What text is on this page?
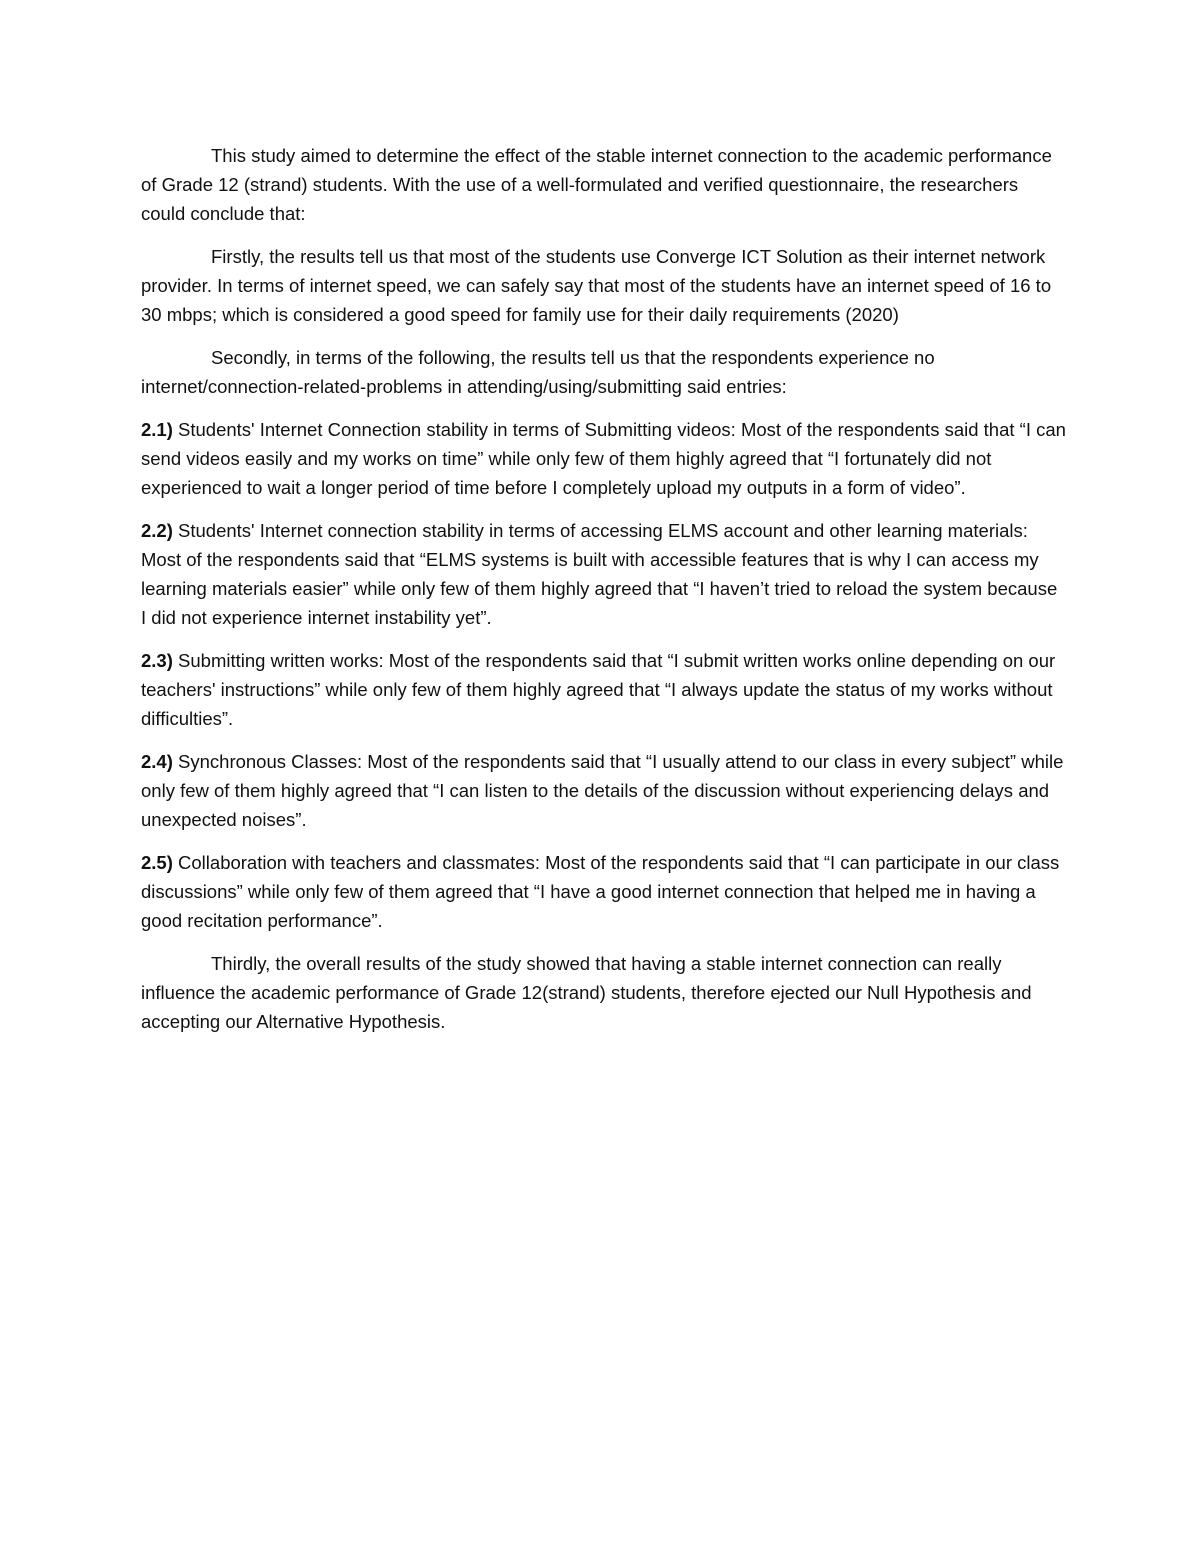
This study aimed to determine the effect of the stable internet connection to the academic performance of Grade 12 (strand) students. With the use of a well-formulated and verified questionnaire, the researchers could conclude that:

Firstly, the results tell us that most of the students use Converge ICT Solution as their internet network provider. In terms of internet speed, we can safely say that most of the students have an internet speed of 16 to 30 mbps; which is considered a good speed for family use for their daily requirements (2020)

Secondly, in terms of the following, the results tell us that the respondents experience no internet/connection-related-problems in attending/using/submitting said entries:

2.1) Students' Internet Connection stability in terms of Submitting videos: Most of the respondents said that “I can send videos easily and my works on time” while only few of them highly agreed that “I fortunately did not experienced to wait a longer period of time before I completely upload my outputs in a form of video”.

2.2) Students' Internet connection stability in terms of accessing ELMS account and other learning materials: Most of the respondents said that “ELMS systems is built with accessible features that is why I can access my learning materials easier” while only few of them highly agreed that “I haven’t tried to reload the system because I did not experience internet instability yet”.

2.3) Submitting written works: Most of the respondents said that “I submit written works online depending on our teachers' instructions” while only few of them highly agreed that “I always update the status of my works without difficulties”.

2.4) Synchronous Classes: Most of the respondents said that “I usually attend to our class in every subject” while only few of them highly agreed that “I can listen to the details of the discussion without experiencing delays and unexpected noises”.

2.5) Collaboration with teachers and classmates: Most of the respondents said that “I can participate in our class discussions” while only few of them agreed that “I have a good internet connection that helped me in having a good recitation performance”.

Thirdly, the overall results of the study showed that having a stable internet connection can really influence the academic performance of Grade 12(strand) students, therefore ejected our Null Hypothesis and accepting our Alternative Hypothesis.
